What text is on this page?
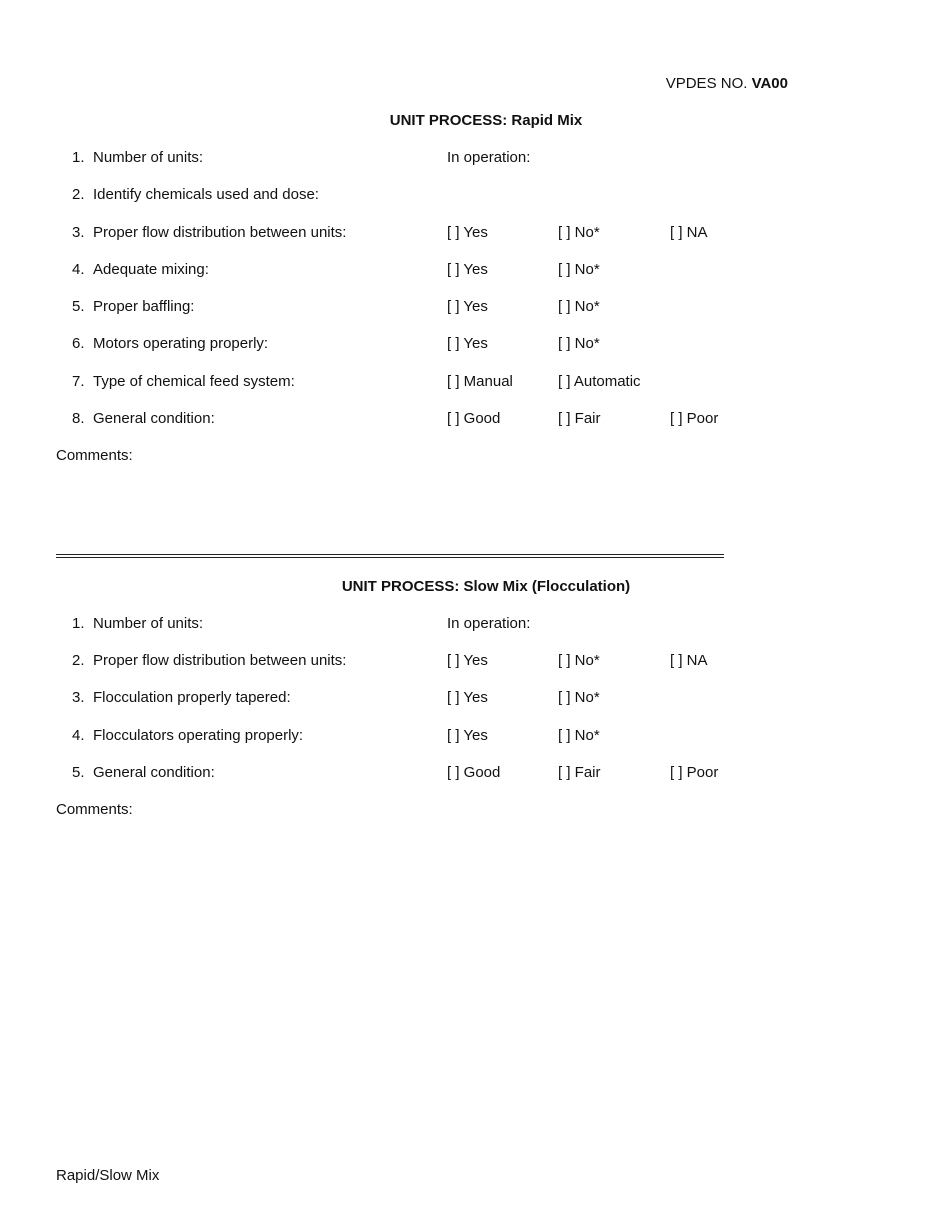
VPDES NO. VA00
UNIT PROCESS: Rapid Mix
1. Number of units:	In operation:
2. Identify chemicals used and dose:
3. Proper flow distribution between units:	[ ] Yes	[ ] No*	[ ] NA
4. Adequate mixing:	[ ] Yes	[ ] No*
5. Proper baffling:	[ ] Yes	[ ] No*
6. Motors operating properly:	[ ] Yes	[ ] No*
7. Type of chemical feed system:	[ ] Manual	[ ] Automatic
8. General condition:	[ ] Good	[ ] Fair	[ ] Poor
Comments:
UNIT PROCESS: Slow Mix (Flocculation)
1. Number of units:	In operation:
2. Proper flow distribution between units:	[ ] Yes	[ ] No*	[ ] NA
3. Flocculation properly tapered:	[ ] Yes	[ ] No*
4. Flocculators operating properly:	[ ] Yes	[ ] No*
5. General condition:	[ ] Good	[ ] Fair	[ ] Poor
Comments:
Rapid/Slow Mix
